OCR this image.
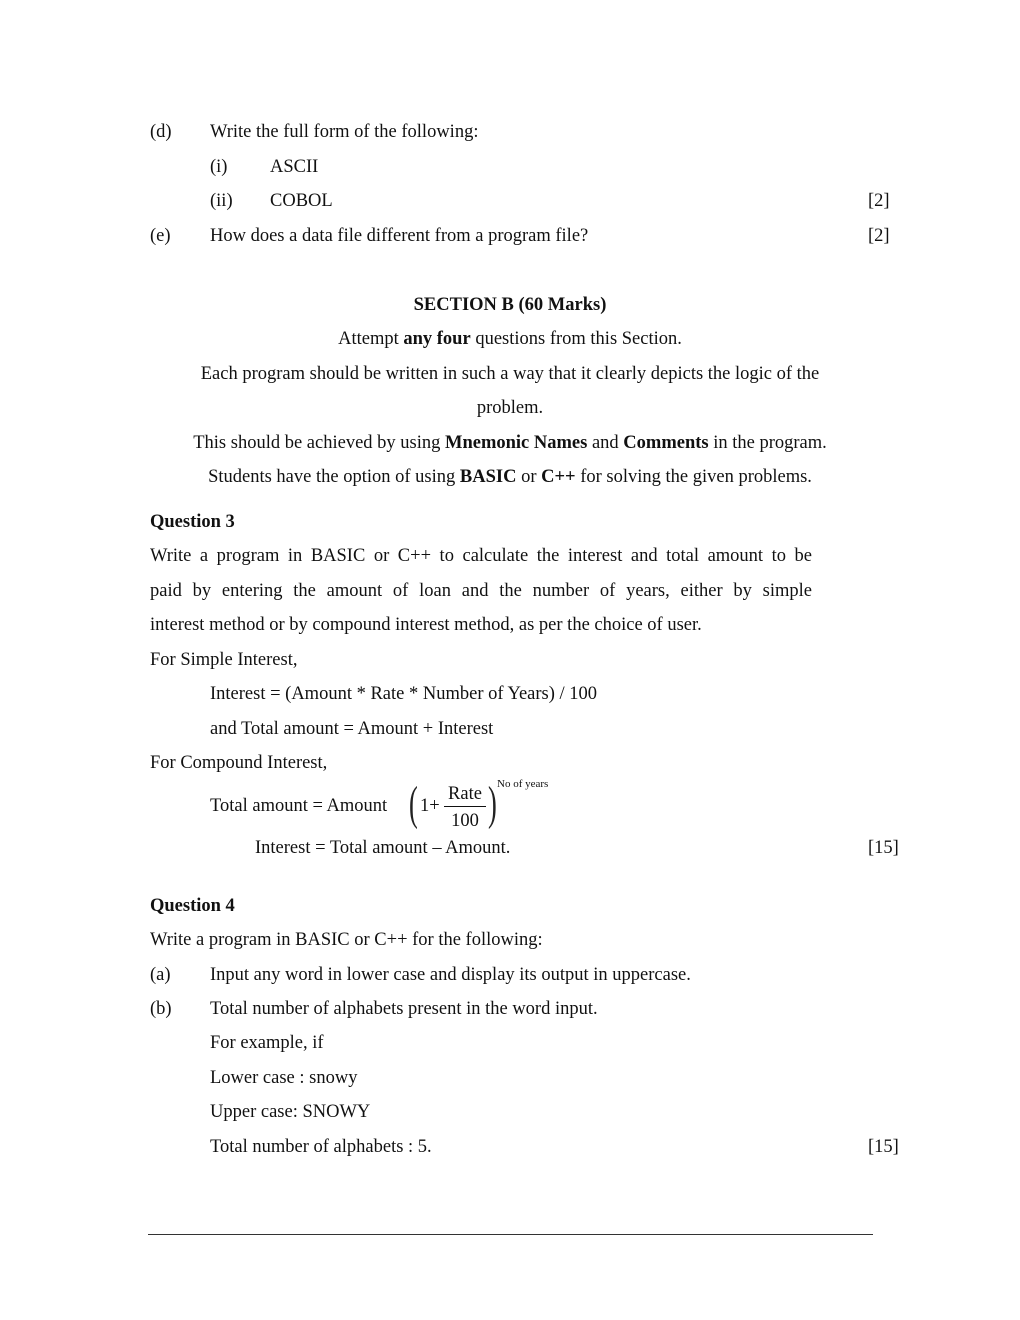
(d) Write the full form of the following:
(i) ASCII
(ii) COBOL	[2]
(e) How does a data file different from a program file?	[2]
SECTION B (60 Marks)
Attempt any four questions from this Section.
Each program should be written in such a way that it clearly depicts the logic of the
problem.
This should be achieved by using Mnemonic Names and Comments in the program.
Students have the option of using BASIC or C++ for solving the given problems.
Question 3
Write a program in BASIC or C++ to calculate the interest and total amount to be
paid by entering the amount of loan and the number of years, either by simple
interest method or by compound interest method, as per the choice of user.
For Simple Interest,
Interest = (Amount * Rate * Number of Years) / 100
and Total amount = Amount + Interest
For Compound Interest,
Total amount = Amount ( 1+
Rate
100 ) No of years
Interest = Total amount – Amount.	[15]
Question 4
Write a program in BASIC or C++ for the following:
(a) Input any word in lower case and display its output in uppercase.
(b) Total number of alphabets present in the word input.
For example, if
Lower case : snowy
Upper case: SNOWY
Total number of alphabets : 5.	[15]
